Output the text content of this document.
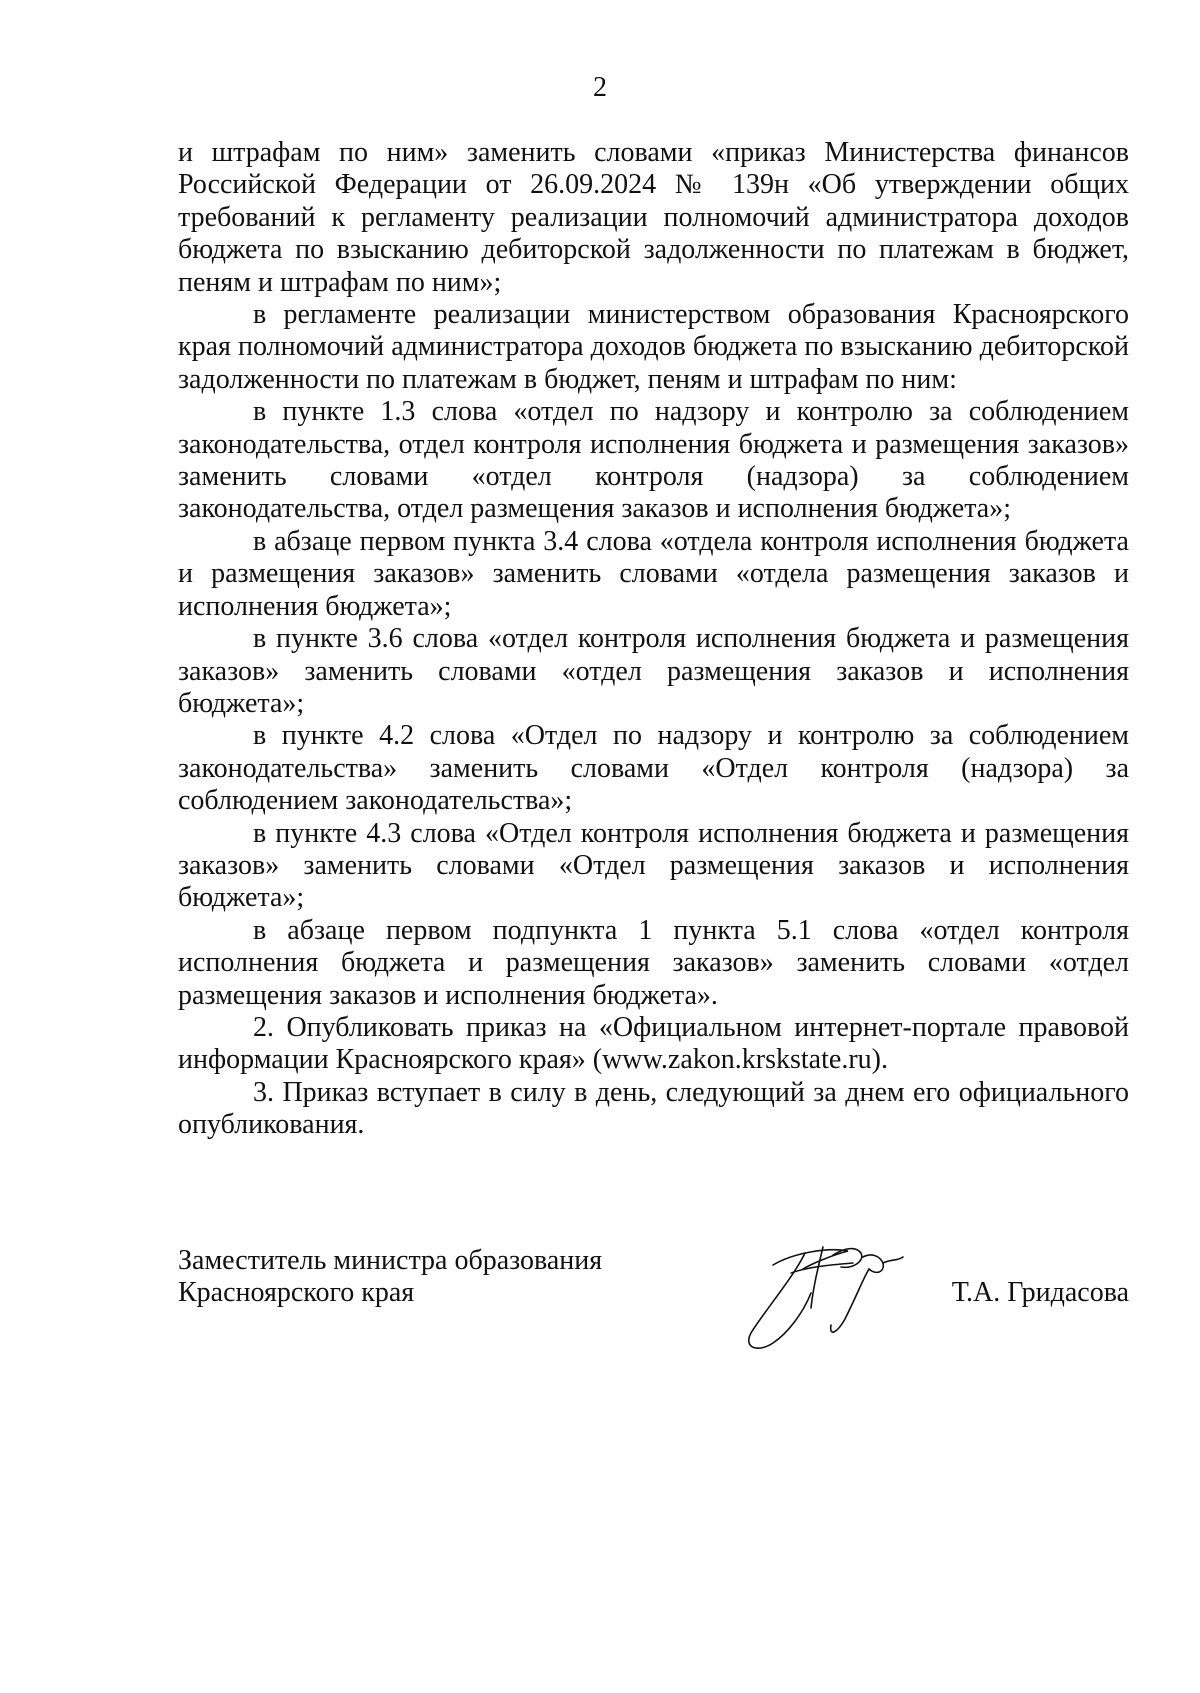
2

и штрафам по ним» заменить словами «приказ Министерства финансов Российской Федерации от 26.09.2024 № 139н «Об утверждении общих требований к регламенту реализации полномочий администратора доходов бюджета по взысканию дебиторской задолженности по платежам в бюджет, пеням и штрафам по ним»;

в регламенте реализации министерством образования Красноярского края полномочий администратора доходов бюджета по взысканию дебиторской задолженности по платежам в бюджет, пеням и штрафам по ним:

в пункте 1.3 слова «отдел по надзору и контролю за соблюдением законодательства, отдел контроля исполнения бюджета и размещения заказов» заменить словами «отдел контроля (надзора) за соблюдением законодательства, отдел размещения заказов и исполнения бюджета»;

в абзаце первом пункта 3.4 слова «отдела контроля исполнения бюджета и размещения заказов» заменить словами «отдела размещения заказов и исполнения бюджета»;

в пункте 3.6 слова «отдел контроля исполнения бюджета и размещения заказов» заменить словами «отдел размещения заказов и исполнения бюджета»;

в пункте 4.2 слова «Отдел по надзору и контролю за соблюдением законодательства» заменить словами «Отдел контроля (надзора) за соблюдением законодательства»;

в пункте 4.3 слова «Отдел контроля исполнения бюджета и размещения заказов» заменить словами «Отдел размещения заказов и исполнения бюджета»;

в абзаце первом подпункта 1 пункта 5.1 слова «отдел контроля исполнения бюджета и размещения заказов» заменить словами «отдел размещения заказов и исполнения бюджета».

2. Опубликовать приказ на «Официальном интернет-портале правовой информации Красноярского края» (www.zakon.krskstate.ru).

3. Приказ вступает в силу в день, следующий за днем его официального опубликования.

Заместитель министра образования
Красноярского края	Т.А. Гридасова
